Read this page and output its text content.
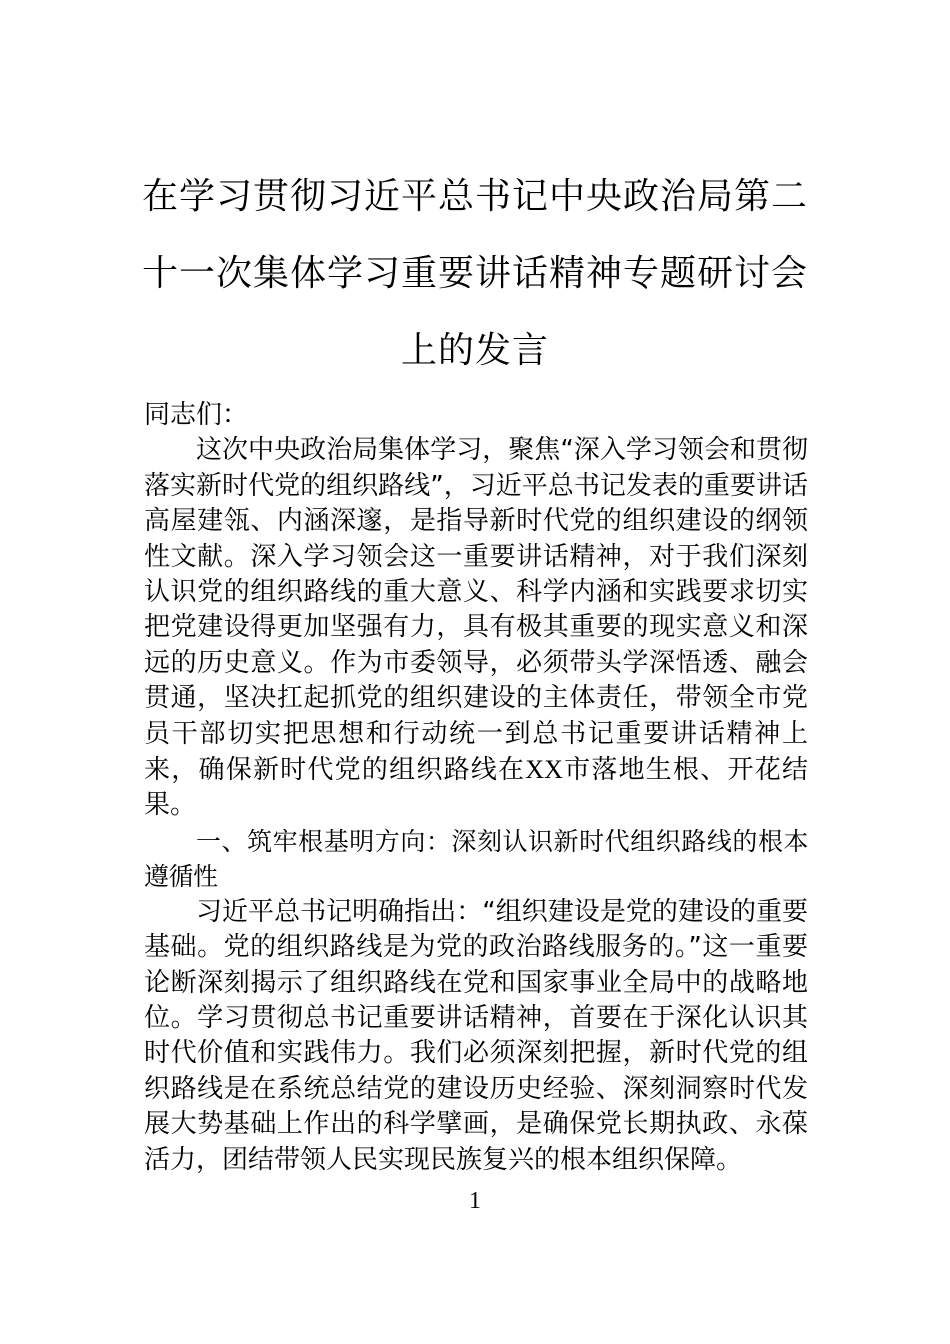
在学习贯彻习近平总书记中央政治局第二
十一次集体学习重要讲话精神专题研讨会
上的发言

同志们：

这次中央政治局集体学习，聚焦“深入学习领会和贯彻落实新时代党的组织路线”，习近平总书记发表的重要讲话高屋建瓴、内涵深邃，是指导新时代党的组织建设的纲领性文献。深入学习领会这一重要讲话精神，对于我们深刻认识党的组织路线的重大意义、科学内涵和实践要求切实把党建设得更加坚强有力，具有极其重要的现实意义和深远的历史意义。作为市委领导，必须带头学深悟透、融会贯通，坚决扛起抓党的组织建设的主体责任，带领全市党员干部切实把思想和行动统一到总书记重要讲话精神上来，确保新时代党的组织路线在XX市落地生根、开花结果。

一、筑牢根基明方向：深刻认识新时代组织路线的根本遵循性

习近平总书记明确指出：“组织建设是党的建设的重要基础。党的组织路线是为党的政治路线服务的。”这一重要论断深刻揭示了组织路线在党和国家事业全局中的战略地位。学习贯彻总书记重要讲话精神，首要在于深化认识其时代价值和实践伟力。我们必须深刻把握，新时代党的组织路线是在系统总结党的建设历史经验、深刻洞察时代发展大势基础上作出的科学擘画，是确保党长期执政、永葆活力，团结带领人民实现民族复兴的根本组织保障。

1
